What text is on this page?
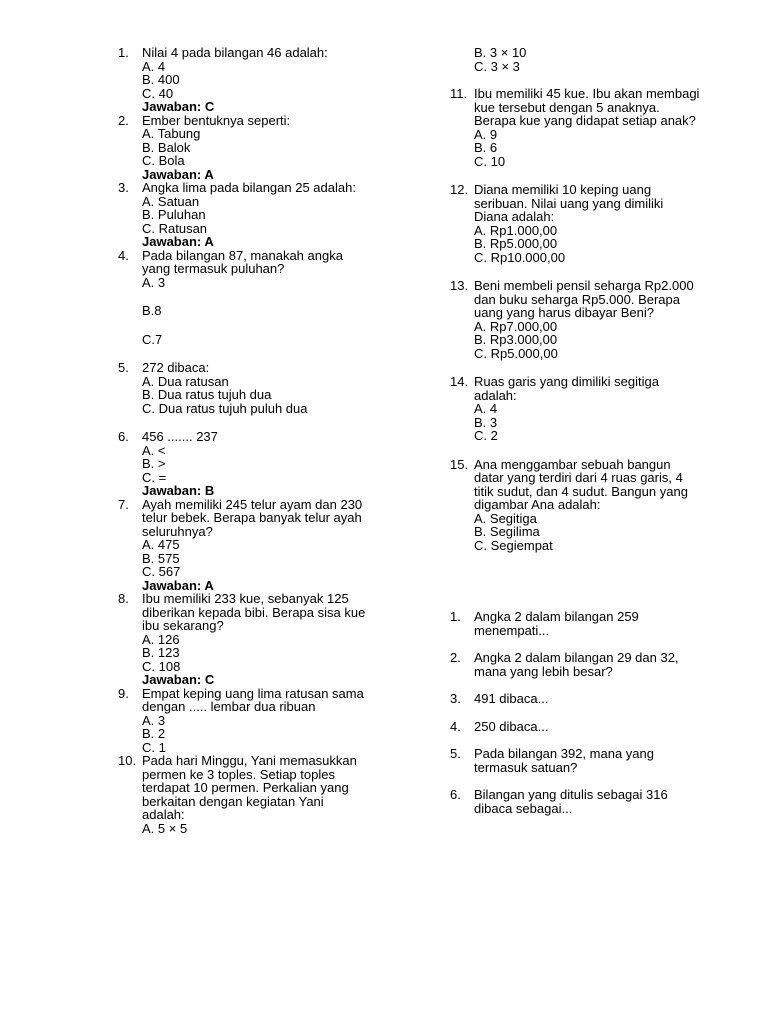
1.	Nilai 4 pada bilangan 46 adalah:
A. 4
B. 400
C. 40
Jawaban: C
2.	Ember bentuknya seperti:
A. Tabung
B. Balok
C. Bola
Jawaban: A
3.	Angka lima pada bilangan 25 adalah:
A. Satuan
B. Puluhan
C. Ratusan
Jawaban: A
4.	Pada bilangan 87, manakah angka
yang termasuk puluhan?
A. 3
B.8
C.7
5.	272 dibaca:
A. Dua ratusan
B. Dua ratus tujuh dua
C. Dua ratus tujuh puluh dua
6.	456 ....... 237
A. <
B. >
C. =
Jawaban: B
7.	Ayah memiliki 245 telur ayam dan 230
telur bebek. Berapa banyak telur ayah
seluruhnya?
A. 475
B. 575
C. 567
Jawaban: A
8.	Ibu memiliki 233 kue, sebanyak 125
diberikan kepada bibi. Berapa sisa kue
ibu sekarang?
A. 126
B. 123
C. 108
Jawaban: C
9.	Empat keping uang lima ratusan sama
dengan ..... lembar dua ribuan
A. 3
B. 2
C. 1
10. Pada hari Minggu, Yani memasukkan
permen ke 3 toples. Setiap toples
terdapat 10 permen. Perkalian yang
berkaitan dengan kegiatan Yani
adalah:
A. 5 × 5
B. 3 × 10
C. 3 × 3
11. Ibu memiliki 45 kue. Ibu akan membagi
kue tersebut dengan 5 anaknya.
Berapa kue yang didapat setiap anak?
A. 9
B. 6
C. 10
12. Diana memiliki 10 keping uang
seribuan. Nilai uang yang dimiliki
Diana adalah:
A. Rp1.000,00
B. Rp5.000,00
C. Rp10.000,00
13. Beni membeli pensil seharga Rp2.000
dan buku seharga Rp5.000. Berapa
uang yang harus dibayar Beni?
A. Rp7.000,00
B. Rp3.000,00
C. Rp5.000,00
14. Ruas garis yang dimiliki segitiga
adalah:
A. 4
B. 3
C. 2
15. Ana menggambar sebuah bangun
datar yang terdiri dari 4 ruas garis, 4
titik sudut, dan 4 sudut. Bangun yang
digambar Ana adalah:
A. Segitiga
B. Segilima
C. Segiempat
1.	Angka 2 dalam bilangan 259
menempati...
2.	Angka 2 dalam bilangan 29 dan 32,
mana yang lebih besar?
3.	491 dibaca...
4.	250 dibaca...
5.	Pada bilangan 392, mana yang
termasuk satuan?
6.	Bilangan yang ditulis sebagai 316
dibaca sebagai...
